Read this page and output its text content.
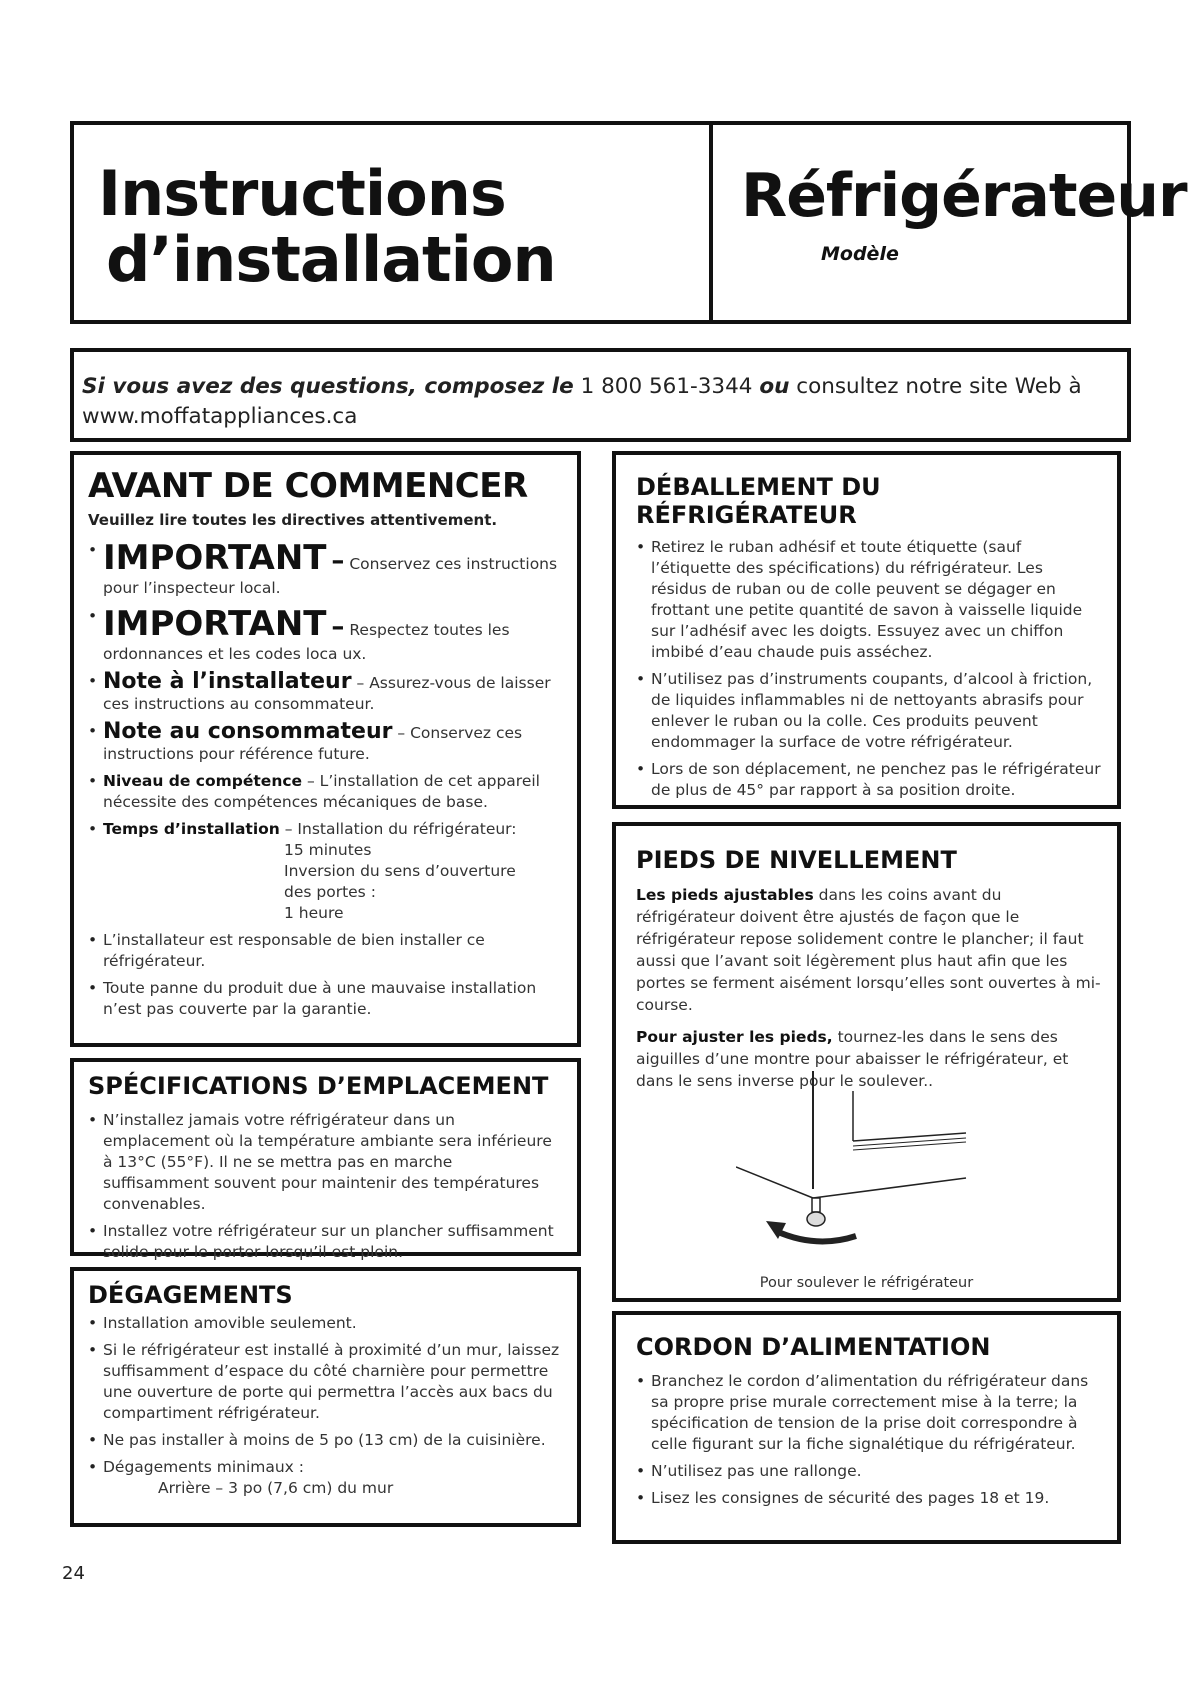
Instructions
d’installation
Réfrigérateur
Modèle
Si vous avez des questions, composez le 1 800 561-3344 ou consultez notre site Web à
www.moffatappliances.ca
AVANT DE COMMENCER
Veuillez lire toutes les directives attentivement.
• IMPORTANT – Conservez ces instructions pour l’inspecteur local.
• IMPORTANT – Respectez toutes les ordonnances et les codes loca ux.
• Note à l’installateur – Assurez-vous de laisser ces instructions au consommateur.
• Note au consommateur – Conservez ces instructions pour référence future.
• Niveau de compétence – L’installation de cet appareil nécessite des compétences mécaniques de base.
• Temps d’installation – Installation du réfrigérateur:
15 minutes
Inversion du sens d’ouverture
des portes :
1 heure
• L’installateur est responsable de bien installer ce réfrigérateur.
• Toute panne du produit due à une mauvaise installation n’est pas couverte par la garantie.
SPÉCIFICATIONS D’EMPLACEMENT
• N’installez jamais votre réfrigérateur dans un emplacement où la température ambiante sera inférieure à 13°C (55°F). Il ne se mettra pas en marche suffisamment souvent pour maintenir des températures convenables.
• Installez votre réfrigérateur sur un plancher suffisamment solide pour le porter lorsqu’il est plein.
DÉGAGEMENTS
• Installation amovible seulement.
• Si le réfrigérateur est installé à proximité d’un mur, laissez suffisamment d’espace du côté charnière pour permettre une ouverture de porte qui permettra l’accès aux bacs du compartiment réfrigérateur.
• Ne pas installer à moins de 5 po (13 cm) de la cuisinière.
• Dégagements minimaux :
Arrière – 3 po (7,6 cm) du mur
DÉBALLEMENT DU RÉFRIGÉRATEUR
• Retirez le ruban adhésif et toute étiquette (sauf l’étiquette des spécifications) du réfrigérateur. Les résidus de ruban ou de colle peuvent se dégager en frottant une petite quantité de savon à vaisselle liquide sur l’adhésif avec les doigts. Essuyez avec un chiffon imbibé d’eau chaude puis asséchez.
• N’utilisez pas d’instruments coupants, d’alcool à friction, de liquides inflammables ni de nettoyants abrasifs pour enlever le ruban ou la colle. Ces produits peuvent endommager la surface de votre réfrigérateur.
• Lors de son déplacement, ne penchez pas le réfrigérateur de plus de 45° par rapport à sa position droite.
PIEDS DE NIVELLEMENT

Les pieds ajustables dans les coins avant du réfrigérateur doivent être ajustés de façon que le réfrigérateur repose solidement contre le plancher; il faut aussi que l’avant soit légèrement plus haut afin que les portes se ferment aisément lorsqu’elles sont ouvertes à mi-course.

Pour ajuster les pieds, tournez-les dans le sens des aiguilles d’une montre pour abaisser le réfrigérateur, et dans le sens inverse pour le soulever..

Pour soulever le réfrigérateur
CORDON D’ALIMENTATION
• Branchez le cordon d’alimentation du réfrigérateur dans sa propre prise murale correctement mise à la terre; la spécification de tension de la prise doit correspondre à celle figurant sur la fiche signalétique du réfrigérateur.
• N’utilisez pas une rallonge.
• Lisez les consignes de sécurité des pages 18 et 19.
24
